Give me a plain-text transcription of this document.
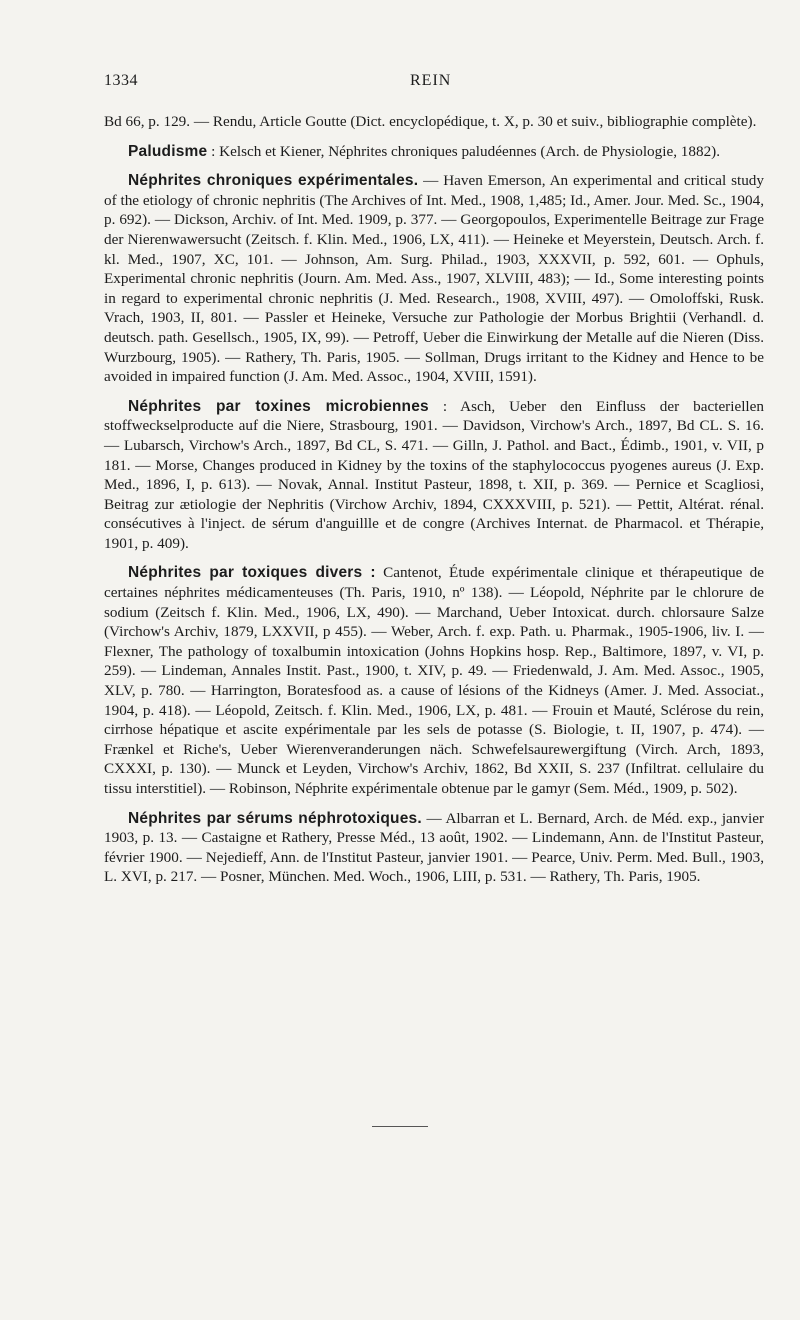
1334	REIN

Bd 66, p. 129. — Rendu, Article Goutte (Dict. encyclopédique, t. X, p. 30 et suiv., bibliographie complète).

Paludisme : Kelsch et Kiener, Néphrites chroniques paludéennes (Arch. de Physiologie, 1882).

Néphrites chroniques expérimentales. — Haven Emerson, An experimental and critical study of the etiology of chronic nephritis (The Archives of Int. Med., 1908, 1,485; Id., Amer. Jour. Med. Sc., 1904, p. 692). — Dickson, Archiv. of Int. Med. 1909, p. 377. — Georgopoulos, Experimentelle Beitrage zur Frage der Nierenwawersucht (Zeitsch. f. Klin. Med., 1906, LX, 411). — Heineke et Meyerstein, Deutsch. Arch. f. kl. Med., 1907, XC, 101. — Johnson, Am. Surg. Philad., 1903, XXXVII, p. 592, 601. — Ophuls, Experimental chronic nephritis (Journ. Am. Med. Ass., 1907, XLVIII, 483); — Id., Some interesting points in regard to experimental chronic nephritis (J. Med. Research., 1908, XVIII, 497). — Omoloffski, Rusk. Vrach, 1903, II, 801. — Passler et Heineke, Versuche zur Pathologie der Morbus Brightii (Verhandl. d. deutsch. path. Gesellsch., 1905, IX, 99). — Petroff, Ueber die Einwirkung der Metalle auf die Nieren (Diss. Wurzbourg, 1905). — Rathery, Th. Paris, 1905. — Sollman, Drugs irritant to the Kidney and Hence to be avoided in impaired function (J. Am. Med. Assoc., 1904, XVIII, 1591).

Néphrites par toxines microbiennes : Asch, Ueber den Einfluss der bacteriellen stoffweckselproducte auf die Niere, Strasbourg, 1901. — Davidson, Virchow's Arch., 1897, Bd CL. S. 16. — Lubarsch, Virchow's Arch., 1897, Bd CL, S. 471. — Gilln, J. Pathol. and Bact., Édimb., 1901, v. VII, p 181. — Morse, Changes produced in Kidney by the toxins of the staphylococcus pyogenes aureus (J. Exp. Med., 1896, I, p. 613). — Novak, Annal. Institut Pasteur, 1898, t. XII, p. 369. — Pernice et Scagliosi, Beitrag zur ætiologie der Nephritis (Virchow Archiv, 1894, CXXXVIII, p. 521). — Pettit, Altérat. rénal. consécutives à l'inject. de sérum d'anguillle et de congre (Archives Internat. de Pharmacol. et Thérapie, 1901, p. 409).

Néphrites par toxiques divers : Cantenot, Étude expérimentale clinique et thérapeutique de certaines néphrites médicamenteuses (Th. Paris, 1910, nº 138). — Léopold, Néphrite par le chlorure de sodium (Zeitsch f. Klin. Med., 1906, LX, 490). — Marchand, Ueber Intoxicat. durch. chlorsaure Salze (Virchow's Archiv, 1879, LXXVII, p 455). — Weber, Arch. f. exp. Path. u. Pharmak., 1905-1906, liv. I. — Flexner, The pathology of toxalbumin intoxication (Johns Hopkins hosp. Rep., Baltimore, 1897, v. VI, p. 259). — Lindeman, Annales Instit. Past., 1900, t. XIV, p. 49. — Friedenwald, J. Am. Med. Assoc., 1905, XLV, p. 780. — Harrington, Boratesfood as. a cause of lésions of the Kidneys (Amer. J. Med. Associat., 1904, p. 418). — Léopold, Zeitsch. f. Klin. Med., 1906, LX, p. 481. — Frouin et Mauté, Sclérose du rein, cirrhose hépatique et ascite expérimentale par les sels de potasse (S. Biologie, t. II, 1907, p. 474). — Frænkel et Riche's, Ueber Wierenveranderungen näch. Schwefelsaurewergiftung (Virch. Arch, 1893, CXXXI, p. 130). — Munck et Leyden, Virchow's Archiv, 1862, Bd XXII, S. 237 (Infiltrat. cellulaire du tissu interstitiel). — Robinson, Néphrite expérimentale obtenue par le gamyr (Sem. Méd., 1909, p. 502).

Néphrites par sérums néphrotoxiques. — Albarran et L. Bernard, Arch. de Méd. exp., janvier 1903, p. 13. — Castaigne et Rathery, Presse Méd., 13 août, 1902. — Lindemann, Ann. de l'Institut Pasteur, février 1900. — Nejedieff, Ann. de l'Institut Pasteur, janvier 1901. — Pearce, Univ. Perm. Med. Bull., 1903, L. XVI, p. 217. — Posner, München. Med. Woch., 1906, LIII, p. 531. — Rathery, Th. Paris, 1905.
